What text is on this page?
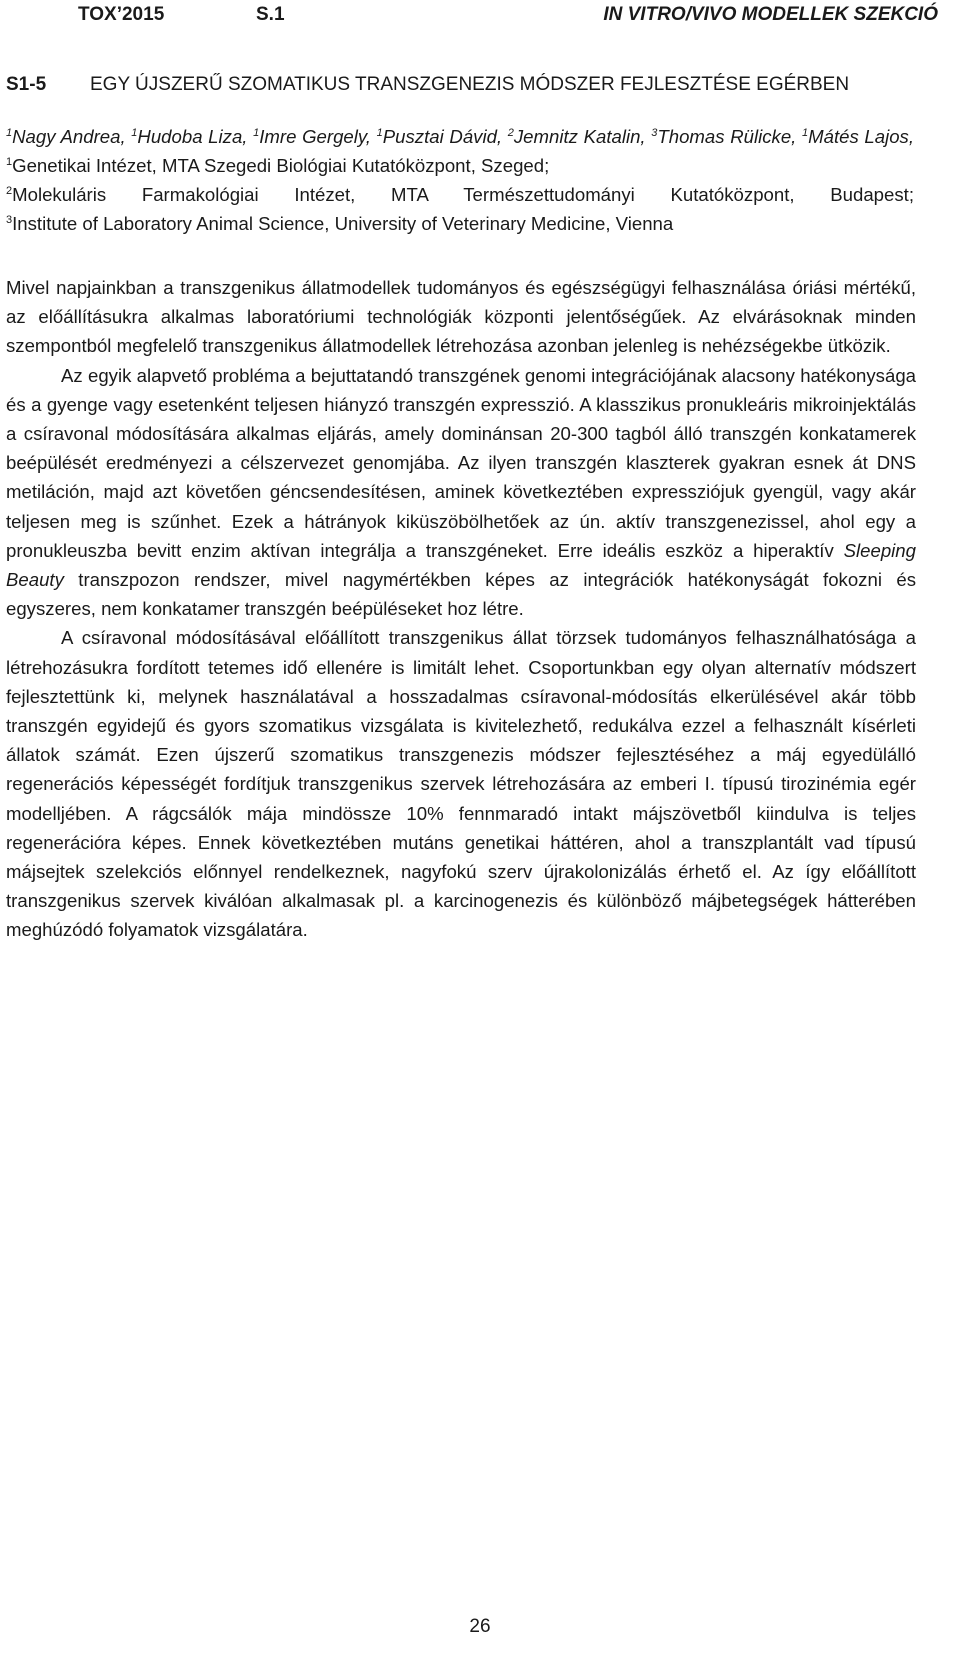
TOX’2015	S.1	IN VITRO/VIVO MODELLEK SZEKCIÓ
S1-5 EGY ÚJSZERŰ SZOMATIKUS TRANSZGENEZIS MÓDSZER FEJLESZTÉSE EGÉRBEN
$^1$Nagy Andrea, $^1$Hudoba Liza, $^1$Imre Gergely, $^1$Pusztai Dávid, $^2$Jemnitz Katalin, $^3$Thomas Rülicke, $^1$Mátés Lajos, $^1$Genetikai Intézet, MTA Szegedi Biológiai Kutatóközpont, Szeged;
$^2$Molekuláris Farmakológiai Intézet, MTA Természettudományi Kutatóközpont, Budapest;
$^3$Institute of Laboratory Animal Science, University of Veterinary Medicine, Vienna

Mivel napjainkban a transzgenikus állatmodellek tudományos és egészségügyi felhasználása óriási mértékű, az előállításukra alkalmas laboratóriumi technológiák központi jelentőségűek. Az elvárásoknak minden szempontból megfelelő transzgenikus állatmodellek létrehozása azonban jelenleg is nehézségekbe ütközik.

Az egyik alapvető probléma a bejuttatandó transzgének genomi integrációjának alacsony hatékonysága és a gyenge vagy esetenként teljesen hiányzó transzgén expresszió. A klasszikus pronukleáris mikroinjektálás a csíravonal módosítására alkalmas eljárás, amely dominánsan 20-300 tagból álló transzgén konkatamerek beépülését eredményezi a célszervezet genomjába. Az ilyen transzgén klaszterek gyakran esnek át DNS metiláción, majd azt követően géncsendesítésen, aminek következtében expressziójuk gyengül, vagy akár teljesen meg is szűnhet. Ezek a hátrányok kiküszöbölhetőek az ún. aktív transzgenezissel, ahol egy a pronukleuszba bevitt enzim aktívan integrálja a transzgéneket. Erre ideális eszköz a hiperaktív Sleeping Beauty transzpozon rendszer, mivel nagymértékben képes az integrációk hatékonyságát fokozni és egyszeres, nem konkatamer transzgén beépüléseket hoz létre.

A csíravonal módosításával előállított transzgenikus állat törzsek tudományos felhasználhatósága a létrehozásukra fordított tetemes idő ellenére is limitált lehet. Csoportunkban egy olyan alternatív módszert fejlesztettünk ki, melynek használatával a hosszadalmas csíravonal-módosítás elkerülésével akár több transzgén egyidejű és gyors szomatikus vizsgálata is kivitelezhető, redukálva ezzel a felhasznált kísérleti állatok számát. Ezen újszerű szomatikus transzgenezis módszer fejlesztéséhez a máj egyedülálló regenerációs képességét fordítjuk transzgenikus szervek létrehozására az emberi I. típusú tirozinémia egér modelljében. A rágcsálók mája mindössze 10% fennmaradó intakt májszövetből kiindulva is teljes regenerációra képes. Ennek következtében mutáns genetikai háttéren, ahol a transzplantált vad típusú májsejtek szelekciós előnnyel rendelkeznek, nagyfokú szerv újrakolonizálás érhető el. Az így előállított transzgenikus szervek kiválóan alkalmasak pl. a karcinogenezis és különböző májbetegségek hátterében meghúzódó folyamatok vizsgálatára.

26
